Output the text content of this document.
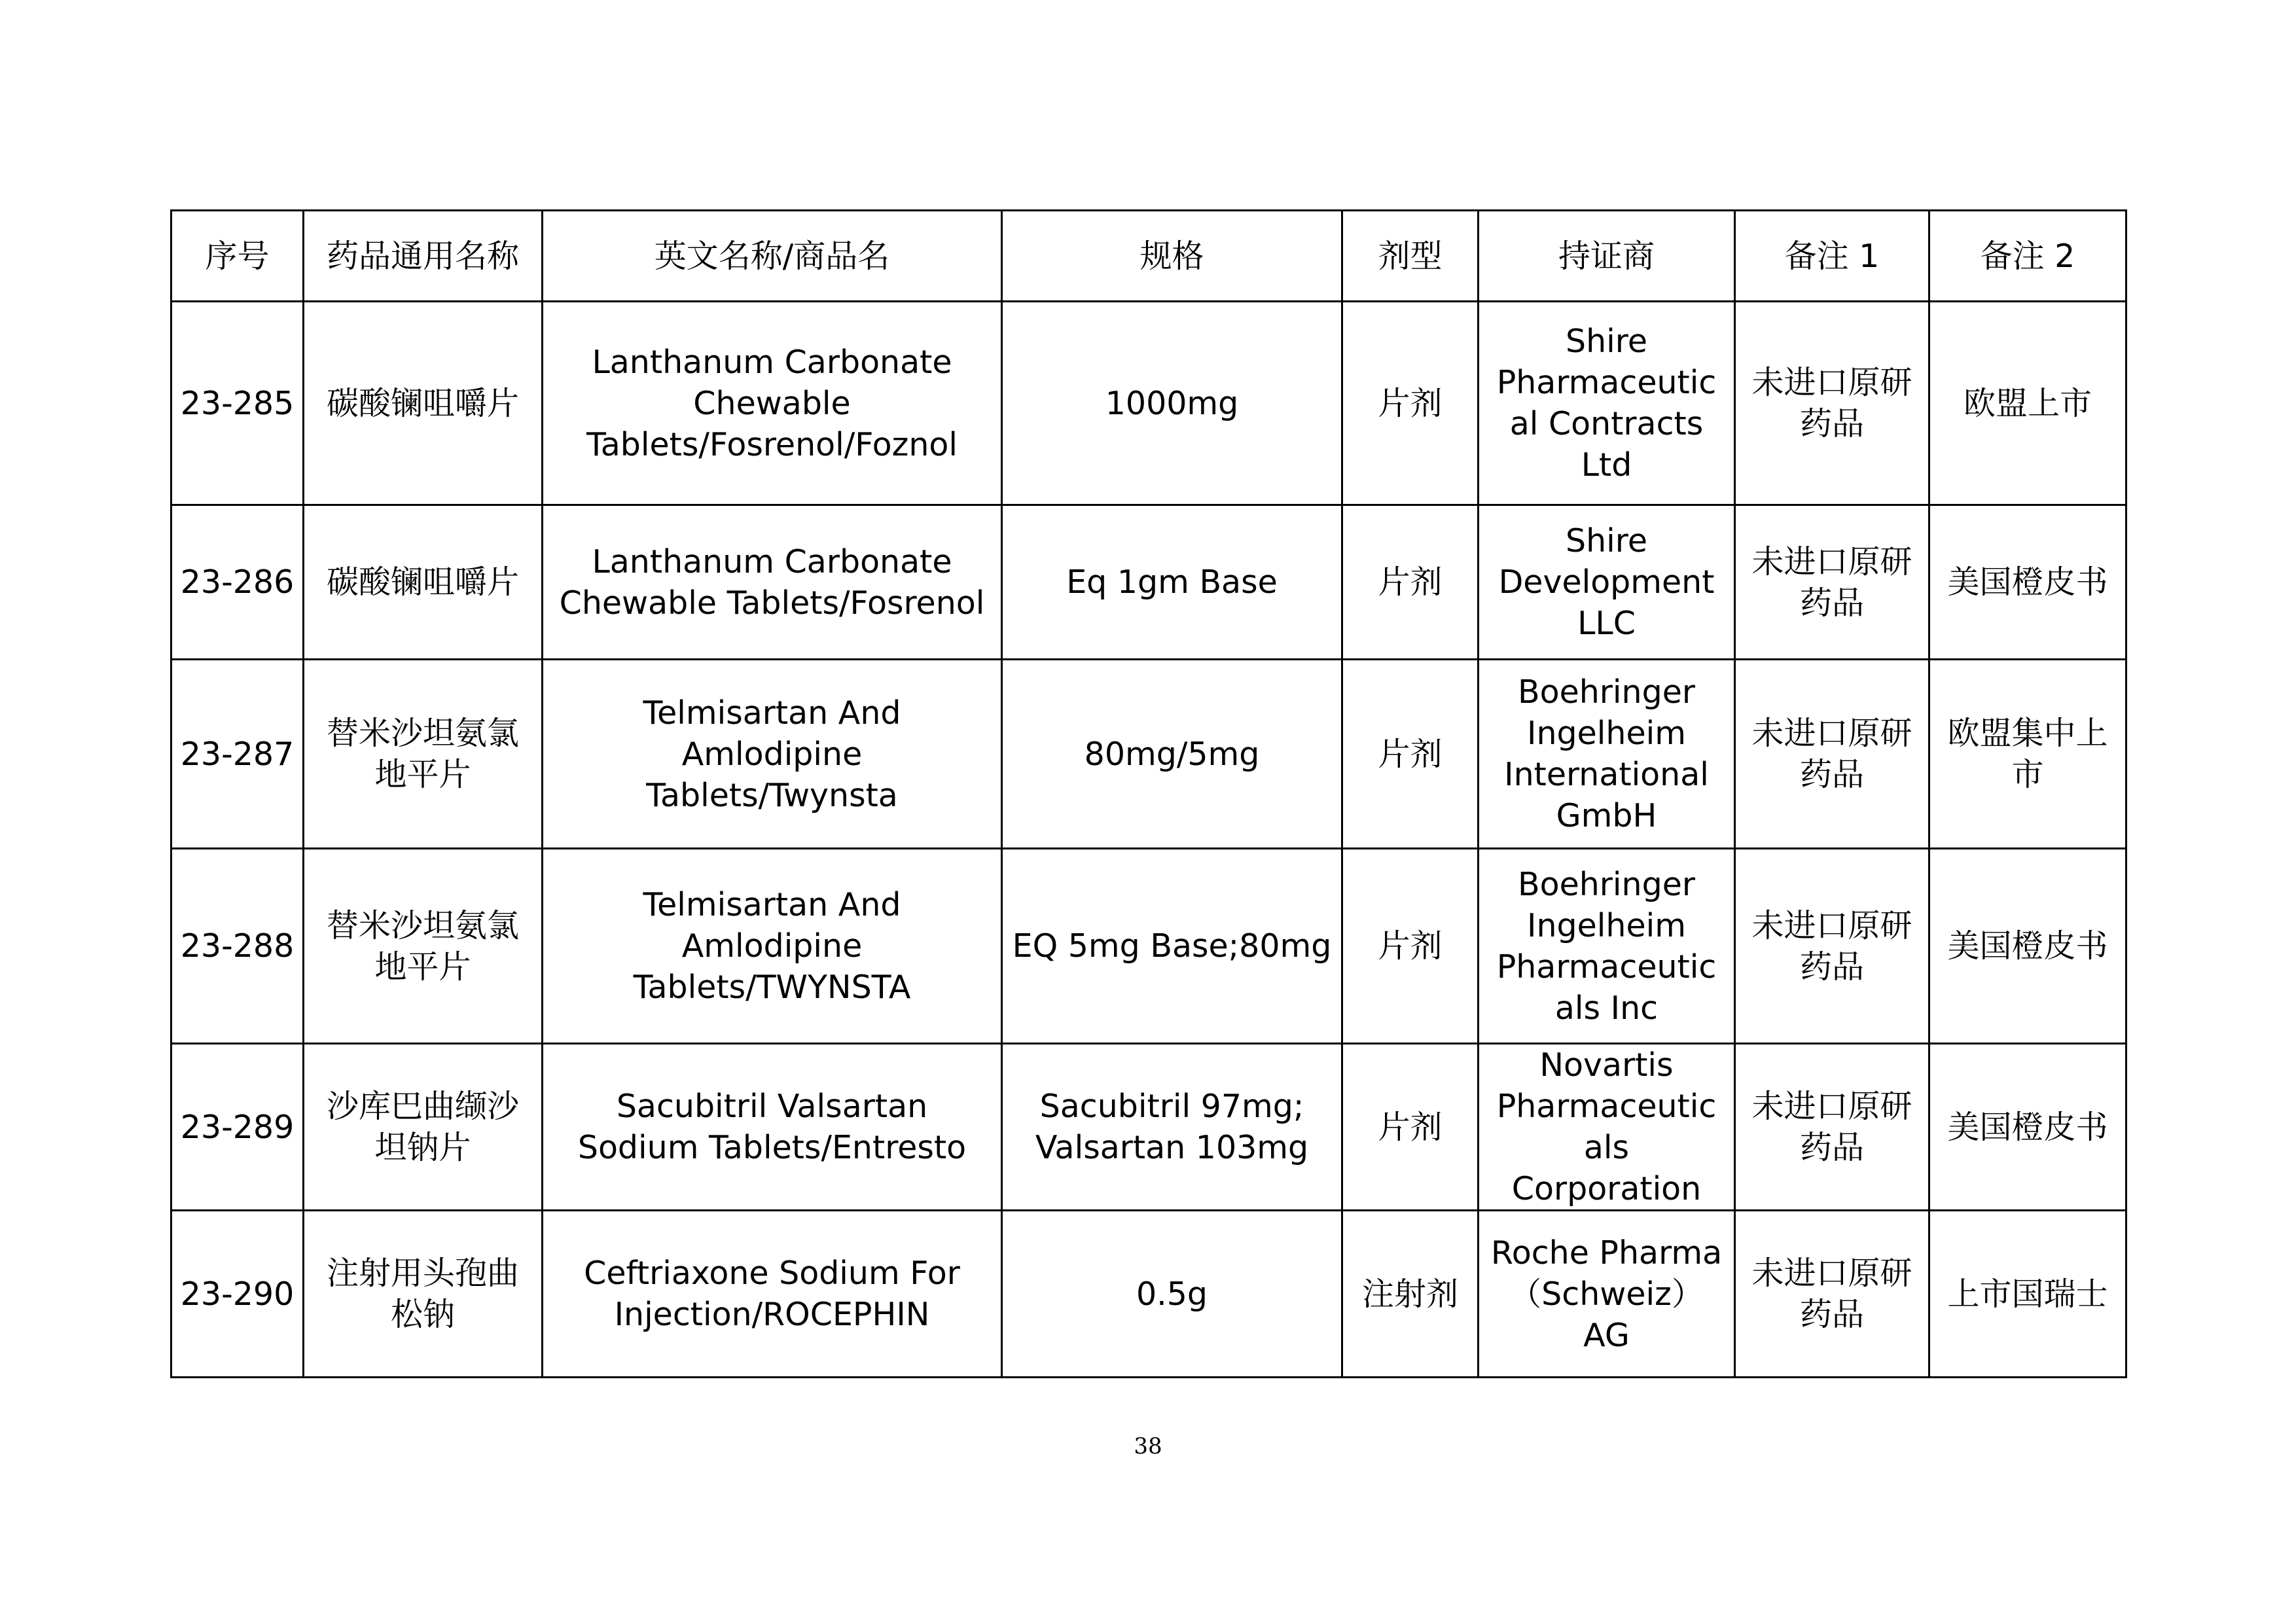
序号	药品通用名称	英文名称/商品名	规格	剂型	持证商	备注 1	备注 2
23-285	碳酸镧咀嚼片	Lanthanum Carbonate Chewable Tablets/Fosrenol/Foznol	1000mg	片剂	Shire Pharmaceutical Contracts Ltd	未进口原研药品	欧盟上市
23-286	碳酸镧咀嚼片	Lanthanum Carbonate Chewable Tablets/Fosrenol	Eq 1gm Base	片剂	Shire Development LLC	未进口原研药品	美国橙皮书
23-287	替米沙坦氨氯地平片	Telmisartan And Amlodipine Tablets/Twynsta	80mg/5mg	片剂	Boehringer Ingelheim International GmbH	未进口原研药品	欧盟集中上市
23-288	替米沙坦氨氯地平片	Telmisartan And Amlodipine Tablets/TWYNSTA	EQ 5mg Base;80mg	片剂	Boehringer Ingelheim Pharmaceuticals Inc	未进口原研药品	美国橙皮书
23-289	沙库巴曲缬沙坦钠片	Sacubitril Valsartan Sodium Tablets/Entresto	Sacubitril 97mg; Valsartan 103mg	片剂	Novartis Pharmaceuticals Corporation	未进口原研药品	美国橙皮书
23-290	注射用头孢曲松钠	Ceftriaxone Sodium For Injection/ROCEPHIN	0.5g	注射剂	Roche Pharma（Schweiz） AG	未进口原研药品	上市国瑞士
38
